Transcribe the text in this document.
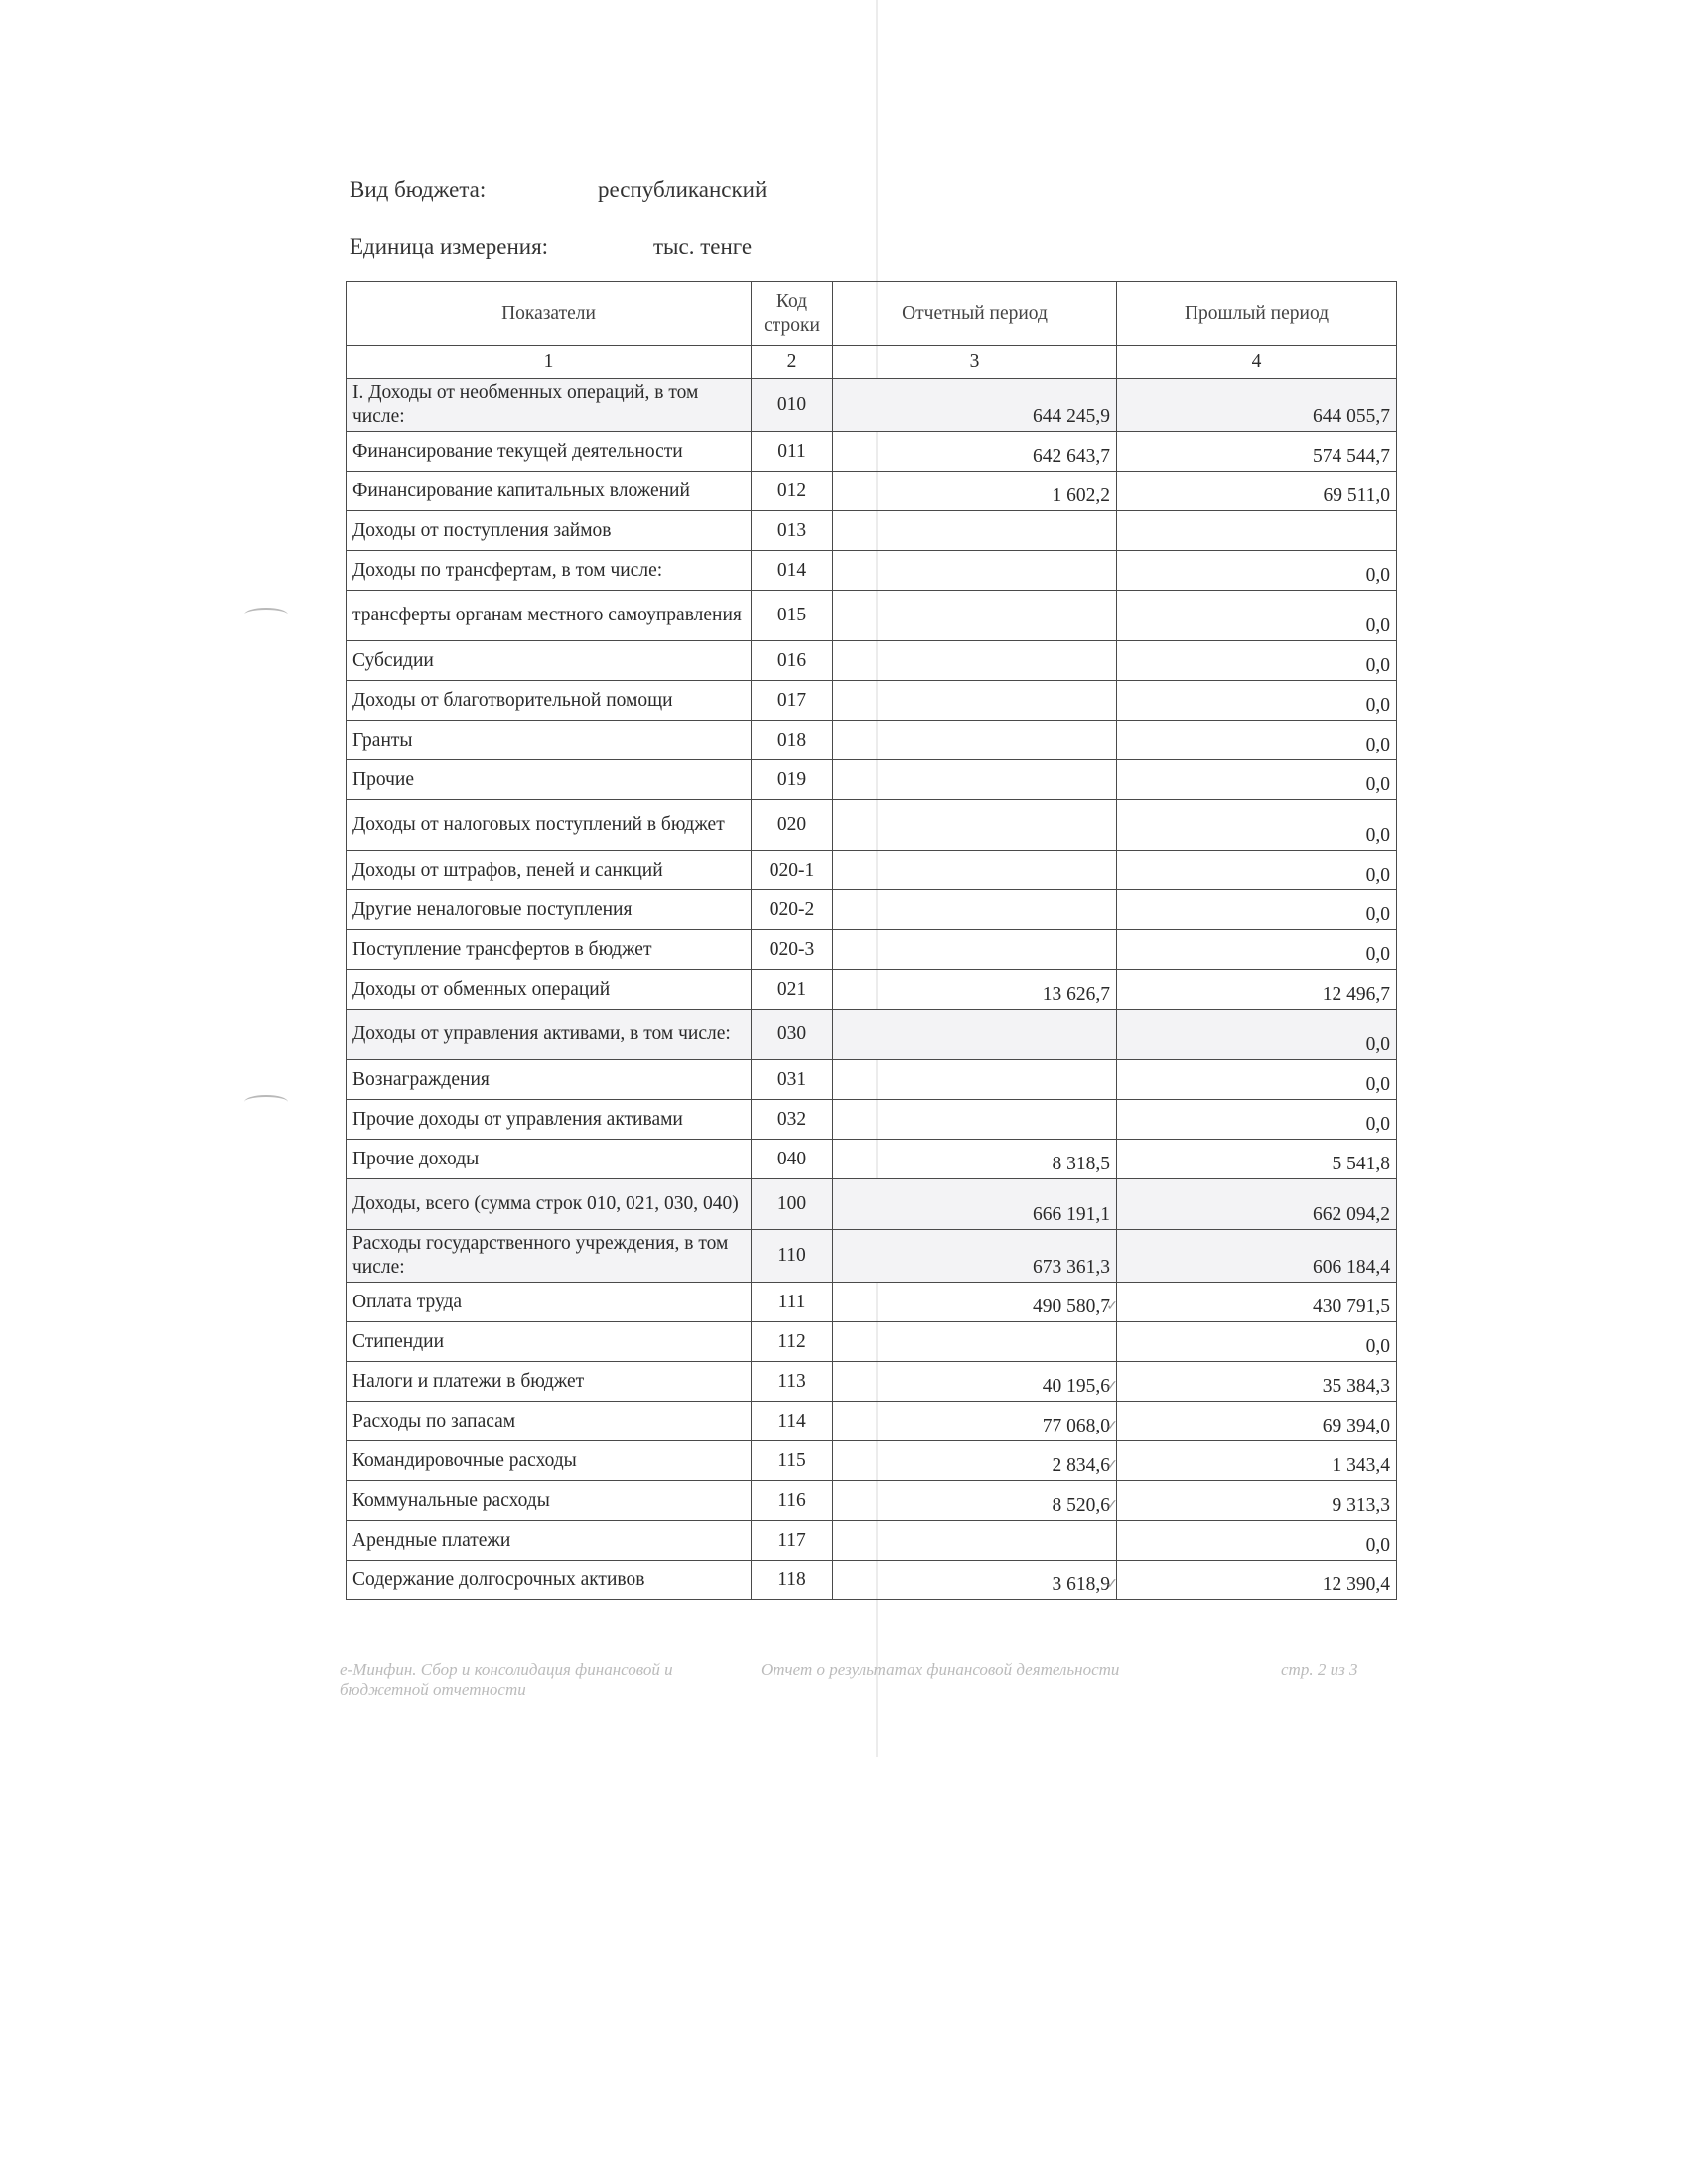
Вид бюджета:	республиканский
Единица измерения:	тыс. тенге
Показатели	Код строки	Отчетный период	Прошлый период
1	2	3	4
I. Доходы от необменных операций, в том числе:	010	644 245,9	644 055,7
Финансирование текущей деятельности	011	642 643,7	574 544,7
Финансирование капитальных вложений	012	1 602,2	69 511,0
Доходы от поступления займов	013		
Доходы по трансфертам, в том числе:	014		0,0
трансферты органам местного самоуправления	015		0,0
Субсидии	016		0,0
Доходы от благотворительной помощи	017		0,0
Гранты	018		0,0
Прочие	019		0,0
Доходы от налоговых поступлений в бюджет	020		0,0
Доходы от штрафов, пеней и санкций	020-1		0,0
Другие неналоговые поступления	020-2		0,0
Поступление трансфертов в бюджет	020-3		0,0
Доходы от обменных операций	021	13 626,7	12 496,7
Доходы от управления активами, в том числе:	030		0,0
Вознаграждения	031		0,0
Прочие доходы от управления активами	032		0,0
Прочие доходы	040	8 318,5	5 541,8
Доходы, всего (сумма строк 010, 021, 030, 040)	100	666 191,1	662 094,2
Расходы государственного учреждения, в том числе:	110	673 361,3	606 184,4
Оплата труда	111	490 580,7 ✓	430 791,5
Стипендии	112		0,0
Налоги и платежи в бюджет	113	40 195,6 ✓	35 384,3
Расходы по запасам	114	77 068,0 ✓	69 394,0
Командировочные расходы	115	2 834,6 ✓	1 343,4
Коммунальные расходы	116	8 520,6 ✓	9 313,3
Арендные платежи	117		0,0
Содержание долгосрочных активов	118	3 618,9 ✓	12 390,4
е-Минфин. Сбор и консолидация финансовой и бюджетной отчетности
Отчет о результатах финансовой деятельности	стр. 2 из 3
